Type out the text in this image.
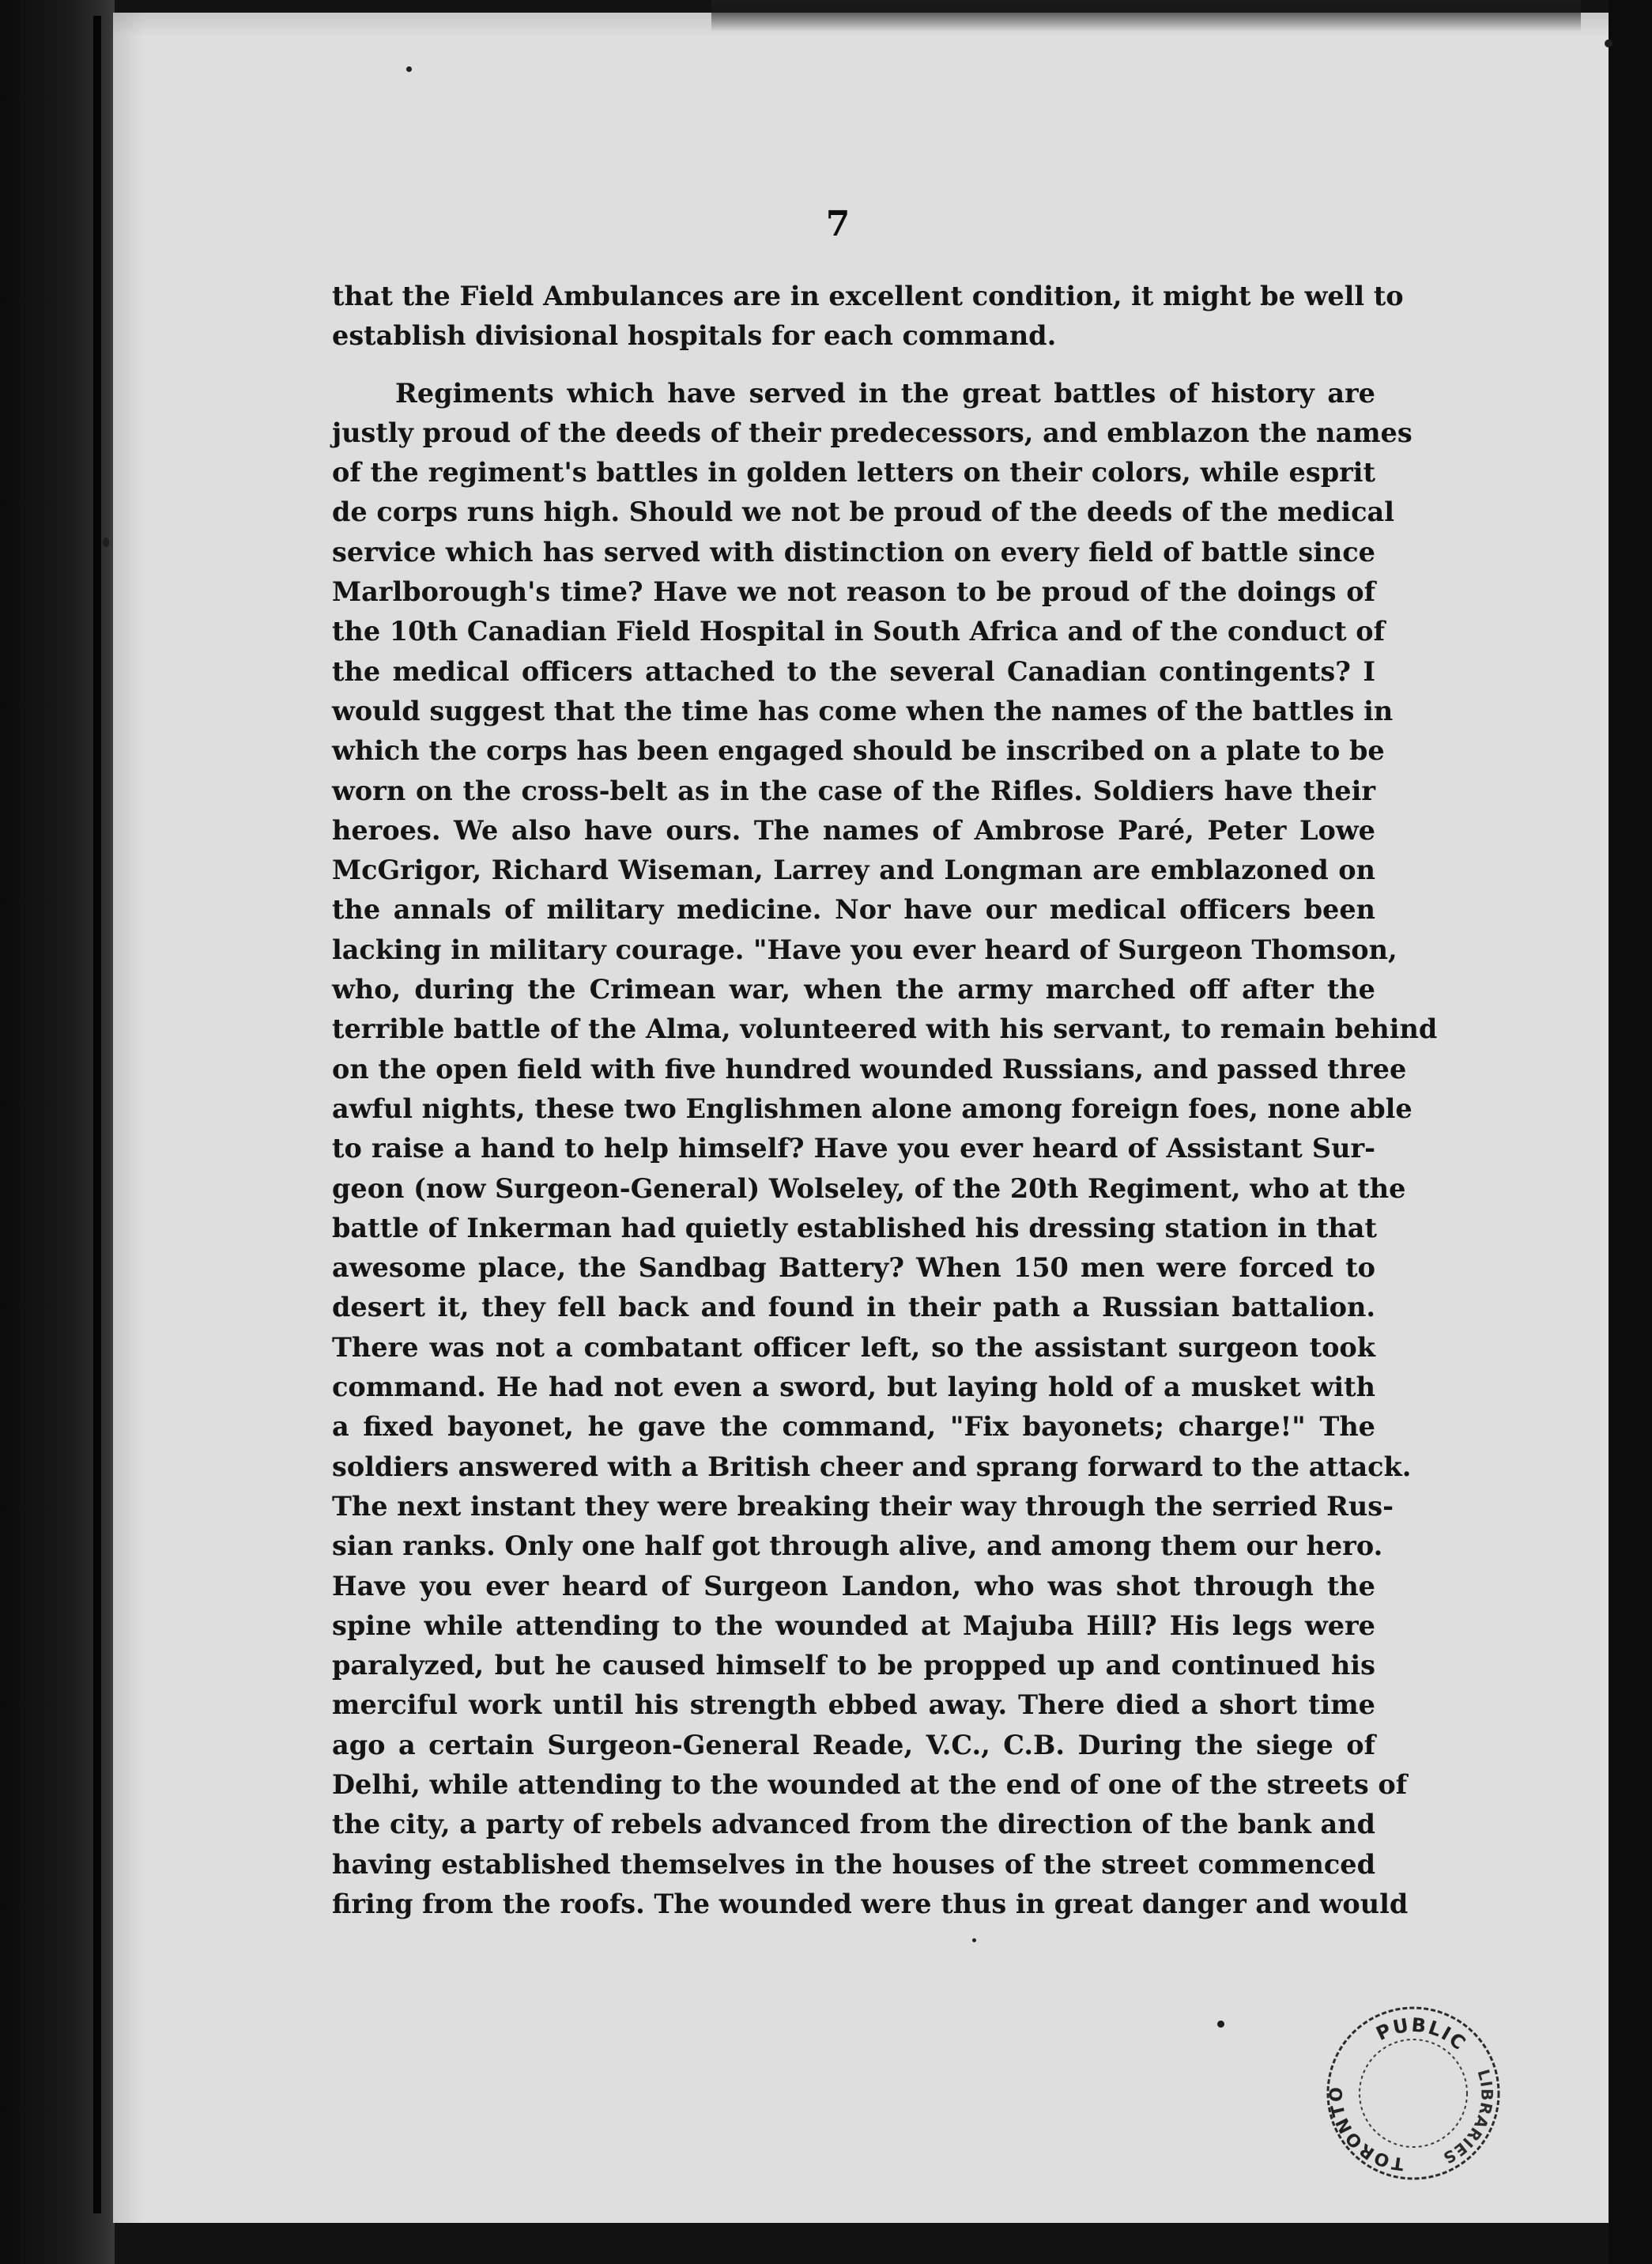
7
that the Field Ambulances are in excellent condition, it might be well to
establish divisional hospitals for each command.
Regiments which have served in the great battles of history are
justly proud of the deeds of their predecessors, and emblazon the names
of the regiment's battles in golden letters on their colors, while esprit
de corps runs high. Should we not be proud of the deeds of the medical
service which has served with distinction on every field of battle since
Marlborough's time? Have we not reason to be proud of the doings of
the 10th Canadian Field Hospital in South Africa and of the conduct of
the medical officers attached to the several Canadian contingents? I
would suggest that the time has come when the names of the battles in
which the corps has been engaged should be inscribed on a plate to be
worn on the cross-belt as in the case of the Rifles. Soldiers have their
heroes. We also have ours. The names of Ambrose Paré, Peter Lowe
McGrigor, Richard Wiseman, Larrey and Longman are emblazoned on
the annals of military medicine. Nor have our medical officers been
lacking in military courage. "Have you ever heard of Surgeon Thomson,
who, during the Crimean war, when the army marched off after the
terrible battle of the Alma, volunteered with his servant, to remain behind
on the open field with five hundred wounded Russians, and passed three
awful nights, these two Englishmen alone among foreign foes, none able
to raise a hand to help himself? Have you ever heard of Assistant Sur-
geon (now Surgeon-General) Wolseley, of the 20th Regiment, who at the
battle of Inkerman had quietly established his dressing station in that
awesome place, the Sandbag Battery? When 150 men were forced to
desert it, they fell back and found in their path a Russian battalion.
There was not a combatant officer left, so the assistant surgeon took
command. He had not even a sword, but laying hold of a musket with
a fixed bayonet, he gave the command, "Fix bayonets; charge!" The
soldiers answered with a British cheer and sprang forward to the attack.
The next instant they were breaking their way through the serried Rus-
sian ranks. Only one half got through alive, and among them our hero.
Have you ever heard of Surgeon Landon, who was shot through the
spine while attending to the wounded at Majuba Hill? His legs were
paralyzed, but he caused himself to be propped up and continued his
merciful work until his strength ebbed away. There died a short time
ago a certain Surgeon-General Reade, V.C., C.B. During the siege of
Delhi, while attending to the wounded at the end of one of the streets of
the city, a party of rebels advanced from the direction of the bank and
having established themselves in the houses of the street commenced
firing from the roofs. The wounded were thus in great danger and would
PUBLIC
TORONTO
LIBRARIES
